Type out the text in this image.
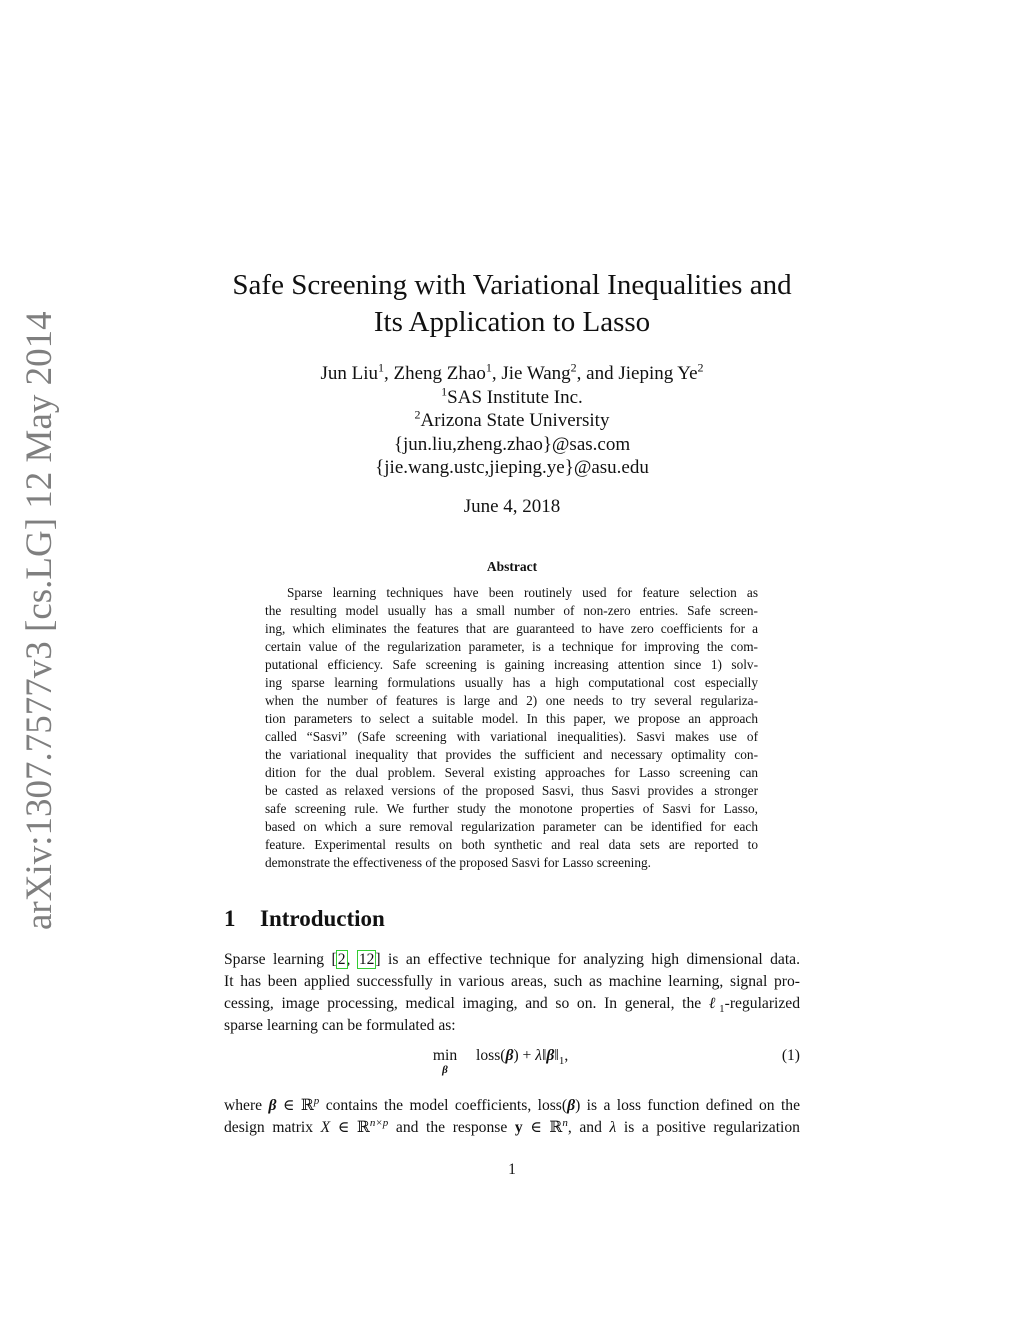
arXiv:1307.7577v3 [cs.LG] 12 May 2014
Safe Screening with Variational Inequalities and
Its Application to Lasso
Jun Liu$^1$, Zheng Zhao$^1$, Jie Wang$^2$, and Jieping Ye$^2$
$^1$SAS Institute Inc.
$^2$Arizona State University
{jun.liu,zheng.zhao}@sas.com
{jie.wang.ustc,jieping.ye}@asu.edu
June 4, 2018
Abstract
Sparse learning techniques have been routinely used for feature selection as
the resulting model usually has a small number of non-zero entries. Safe screen-
ing, which eliminates the features that are guaranteed to have zero coefficients for a
certain value of the regularization parameter, is a technique for improving the com-
putational efficiency. Safe screening is gaining increasing attention since 1) solv-
ing sparse learning formulations usually has a high computational cost especially
when the number of features is large and 2) one needs to try several regulariza-
tion parameters to select a suitable model. In this paper, we propose an approach
called “Sasvi” (Safe screening with variational inequalities). Sasvi makes use of
the variational inequality that provides the sufficient and necessary optimality con-
dition for the dual problem. Several existing approaches for Lasso screening can
be casted as relaxed versions of the proposed Sasvi, thus Sasvi provides a stronger
safe screening rule. We further study the monotone properties of Sasvi for Lasso,
based on which a sure removal regularization parameter can be identified for each
feature. Experimental results on both synthetic and real data sets are reported to
demonstrate the effectiveness of the proposed Sasvi for Lasso screening.
1 Introduction
Sparse learning [2, 12] is an effective technique for analyzing high dimensional data.
It has been applied successfully in various areas, such as machine learning, signal pro-
cessing, image processing, medical imaging, and so on. In general, the ℓ$_1$-regularized
sparse learning can be formulated as:
min
β
loss(β) + $\lambda‖\beta‖_1$,	(1)
where β ∈ ℝ$^p$ contains the model coefficients, loss(β) is a loss function defined on the
design matrix X ∈ ℝ$^{n\times p}$ and the response y ∈ ℝ$^n$, and λ is a positive regularization
1
